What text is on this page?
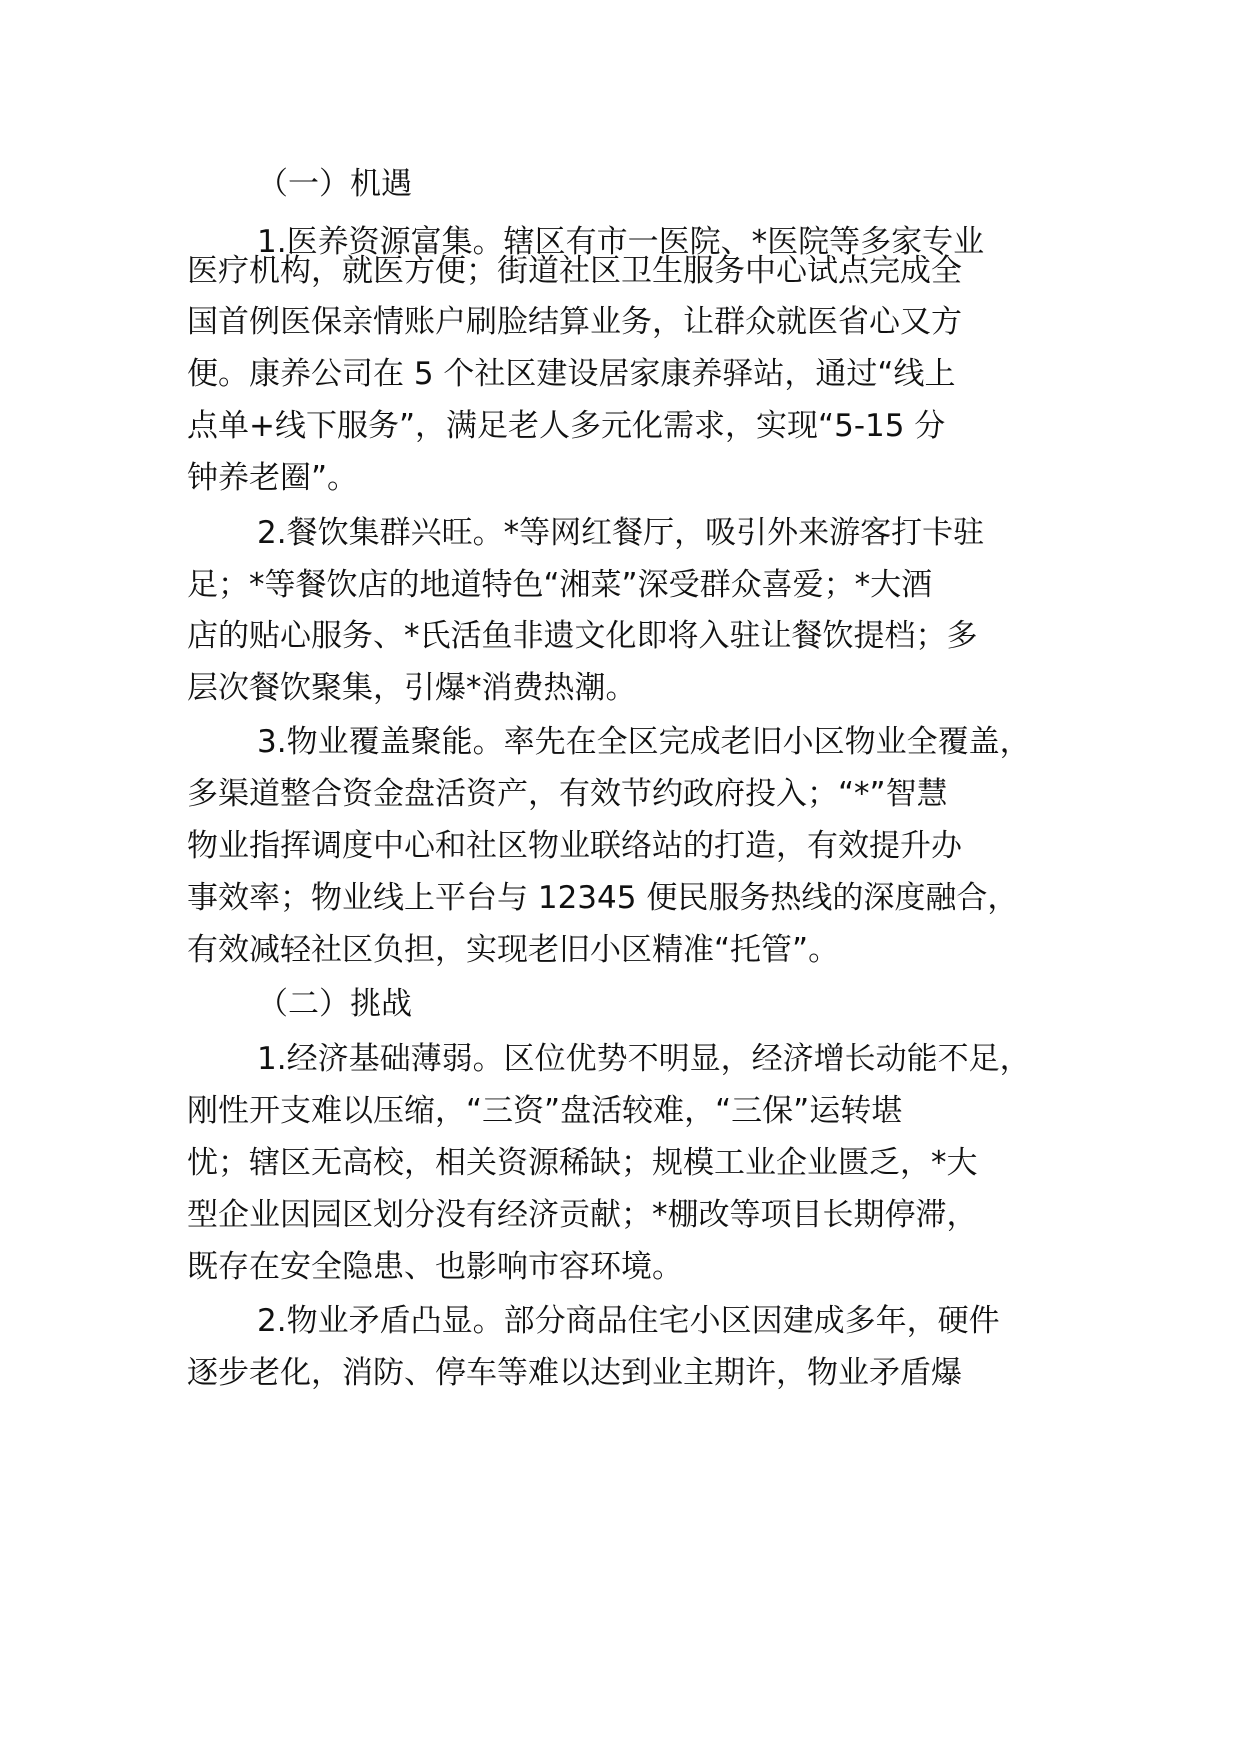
（一）机遇
1.医养资源富集。辖区有市一医院、*医院等多家专业
医疗机构，就医方便；街道社区卫生服务中心试点完成全
国首例医保亲情账户刷脸结算业务，让群众就医省心又方
便。康养公司在 5 个社区建设居家康养驿站，通过“线上
点单+线下服务”，满足老人多元化需求，实现“5-15 分
钟养老圈”。
2.餐饮集群兴旺。*等网红餐厅，吸引外来游客打卡驻
足；*等餐饮店的地道特色“湘菜”深受群众喜爱；*大酒
店的贴心服务、*氏活鱼非遗文化即将入驻让餐饮提档；多
层次餐饮聚集，引爆*消费热潮。
3.物业覆盖聚能。率先在全区完成老旧小区物业全覆盖，
多渠道整合资金盘活资产，有效节约政府投入；“*”智慧
物业指挥调度中心和社区物业联络站的打造，有效提升办
事效率；物业线上平台与 12345 便民服务热线的深度融合，
有效减轻社区负担，实现老旧小区精准“托管”。
（二）挑战
1.经济基础薄弱。区位优势不明显，经济增长动能不足，
刚性开支难以压缩，“三资”盘活较难，“三保”运转堪
忧；辖区无高校，相关资源稀缺；规模工业企业匮乏，*大
型企业因园区划分没有经济贡献；*棚改等项目长期停滞，
既存在安全隐患、也影响市容环境。
2.物业矛盾凸显。部分商品住宅小区因建成多年，硬件
逐步老化，消防、停车等难以达到业主期许，物业矛盾爆
